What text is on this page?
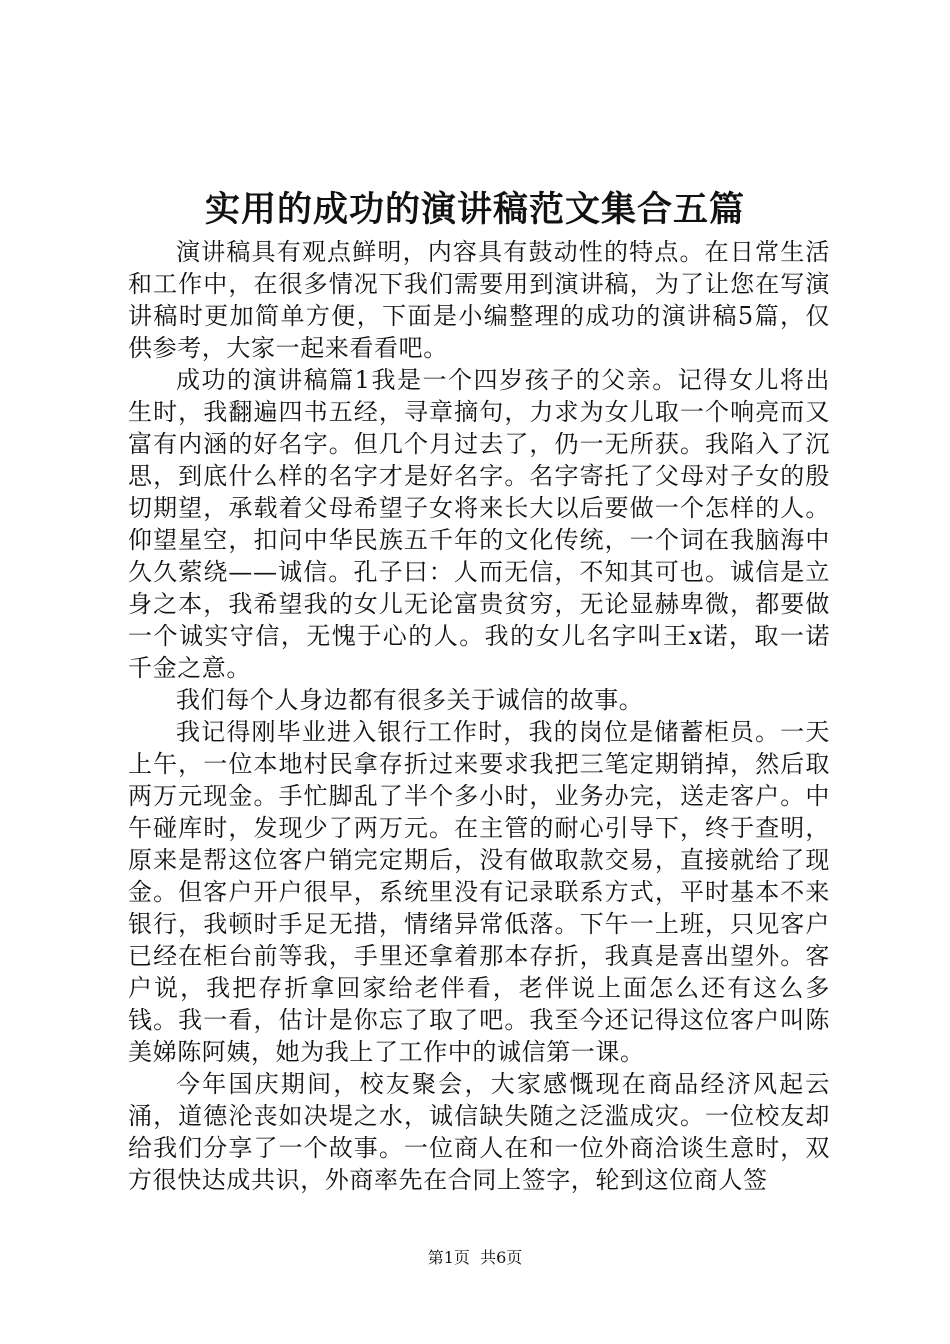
实用的成功的演讲稿范文集合五篇

演讲稿具有观点鲜明，内容具有鼓动性的特点。在日常生活和工作中，在很多情况下我们需要用到演讲稿，为了让您在写演讲稿时更加简单方便，下面是小编整理的成功的演讲稿5篇，仅供参考，大家一起来看看吧。

成功的演讲稿篇1我是一个四岁孩子的父亲。记得女儿将出生时，我翻遍四书五经，寻章摘句，力求为女儿取一个响亮而又富有内涵的好名字。但几个月过去了，仍一无所获。我陷入了沉思，到底什么样的名字才是好名字。名字寄托了父母对子女的殷切期望，承载着父母希望子女将来长大以后要做一个怎样的人。仰望星空，扣问中华民族五千年的文化传统，一个词在我脑海中久久萦绕——诚信。孔子曰：人而无信，不知其可也。诚信是立身之本，我希望我的女儿无论富贵贫穷，无论显赫卑微，都要做一个诚实守信，无愧于心的人。我的女儿名字叫王x诺，取一诺千金之意。

我们每个人身边都有很多关于诚信的故事。

我记得刚毕业进入银行工作时，我的岗位是储蓄柜员。一天上午，一位本地村民拿存折过来要求我把三笔定期销掉，然后取两万元现金。手忙脚乱了半个多小时，业务办完，送走客户。中午碰库时，发现少了两万元。在主管的耐心引导下，终于查明，原来是帮这位客户销完定期后，没有做取款交易，直接就给了现金。但客户开户很早，系统里没有记录联系方式，平时基本不来银行，我顿时手足无措，情绪异常低落。下午一上班，只见客户已经在柜台前等我，手里还拿着那本存折，我真是喜出望外。客户说，我把存折拿回家给老伴看，老伴说上面怎么还有这么多钱。我一看，估计是你忘了取了吧。我至今还记得这位客户叫陈美娣陈阿姨，她为我上了工作中的诚信第一课。

今年国庆期间，校友聚会，大家感慨现在商品经济风起云涌，道德沦丧如决堤之水，诚信缺失随之泛滥成灾。一位校友却给我们分享了一个故事。一位商人在和一位外商洽谈生意时，双方很快达成共识，外商率先在合同上签字，轮到这位商人签

第1页 共6页
